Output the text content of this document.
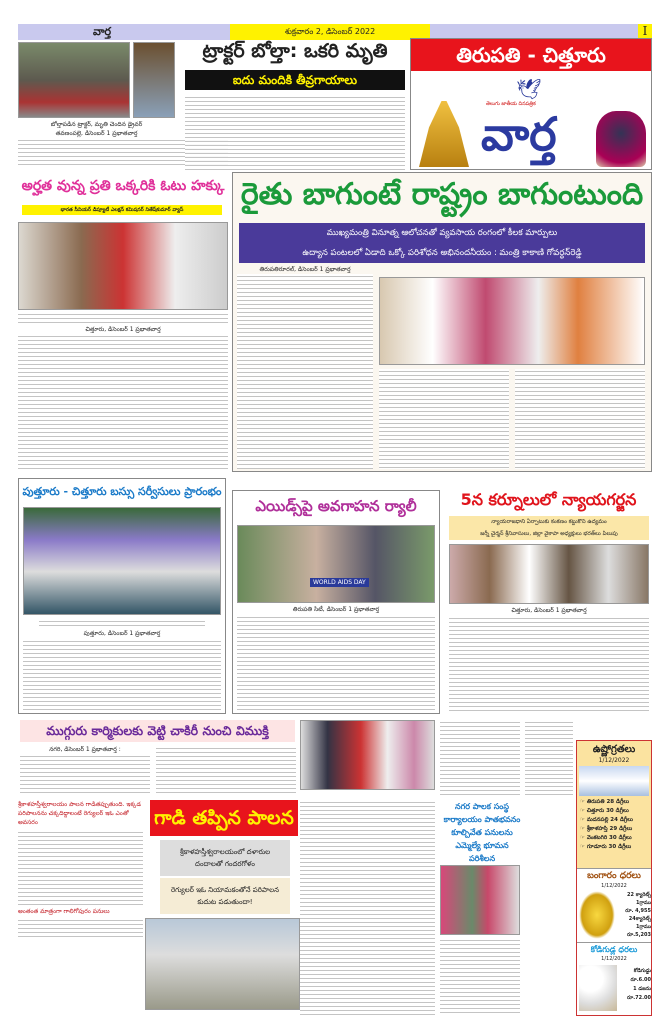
వార్త	శుక్రవారం 2, డిసెంబర్ 2022	I
బోల్తాపడిన ట్రాక్టర్, మృతి చెందిన డ్రైవర్
తవణంపల్లె, డిసెంబర్ 1 ప్రభాతవార్త
ట్రాక్టర్ బోల్తా: ఒకరి మృతి
ఐదు మందికి తీవ్రగాయాలు
తిరుపతి - చిత్తూరు
🕊
తెలుగు జాతీయ దినపత్రిక
వార్త
అర్హత వున్న ప్రతి ఒక్కరికి ఓటు హక్కు
భారత సీనియర్ డిప్యూటీ ఎలక్షన్ కమిషనర్ నితేష్‌కుమార్ వ్యాస్
చిత్తూరు, డిసెంబర్ 1 ప్రభాతవార్త
రైతు బాగుంటే రాష్ట్రం బాగుంటుంది
ముఖ్యమంత్రి వినూత్న ఆలోచనతో వ్యవసాయ రంగంలో కీలక మార్పులు
ఉద్యాన పంటలలో ఏడాది ఒక్కో పరిశోధన అభినందనీయం : మంత్రి కాకాణి గోవర్ధన్‌రెడ్డి
తిరుపతిరూరల్, డిసెంబర్ 1 ప్రభాతవార్త
పుత్తూరు - చిత్తూరు బస్సు సర్వీసులు ప్రారంభం
పుత్తూరు, డిసెంబర్ 1 ప్రభాతవార్త
ఎయిడ్స్‌పై అవగాహన ర్యాలీ
WORLD AIDS DAY
తిరుపతి సిటీ, డిసెంబర్ 1 ప్రభాతవార్త
5న కర్నూలులో న్యాయగర్జన
న్యాయరాజధాని ఏర్పాటుకు కంకణం కట్టుకొని ఉద్యమం
జర్నీ చైర్మన్ శ్రీనివాసులు, జిల్లా వైకాపా అధ్యక్షులు భరత్‌లు పిలుపు
చిత్తూరు, డిసెంబర్ 1 ప్రభాతవార్త
ముగ్గురు కార్మికులకు వెట్టి చాకిరీ నుంచి విముక్తి
నగరి, డిసెంబర్ 1 ప్రభాతవార్త :
నగర పాలక సంస్థ కార్యాలయం పాతభవనం కూల్చివేత పనులను ఎమ్మెల్యే భూమన పరిశీలన
శ్రీకాళహస్తీశ్వరాలయం పాలన గాడితప్పుతుంది. ఇక్కడ పరిపాలనను చక్కదిద్దాలంటే రెగ్యులర్ ఇఓ ఎంతో అవసరం
అంతంత మాత్రంగా గాలిగోపురం పనులు
గాడి తప్పిన పాలన
శ్రీకాళహస్తీశ్వరాలయంలో దళారుల దందాలతో గందరగోళం
రెగ్యులర్ ఇఓ నియామకంతోనే పరిపాలన కుదుట పడుతుందా!
ఉష్ణోగ్రతలు
1/12/2022
☞ తిరుపతి 28 డిగ్రీలు
☞ చిత్తూరు 30 డిగ్రీలు
☞ మదనపల్లి 24 డిగ్రీలు
☞ శ్రీకాళహస్తి 29 డిగ్రీలు
☞ వెంకటగిరి 30 డిగ్రీలు
☞ గూడూరు 30 డిగ్రీలు
బంగారం ధరలు
1/12/2022
22 క్యారెట్స్
1గ్రాము
రూ. 4,955
24క్యారెట్స్
1గ్రాము
రూ.5,203
కోడిగుడ్ల ధరలు
1/12/2022
కోడిగుడ్డు
రూ.6.00
1 డజను
రూ.72.00
